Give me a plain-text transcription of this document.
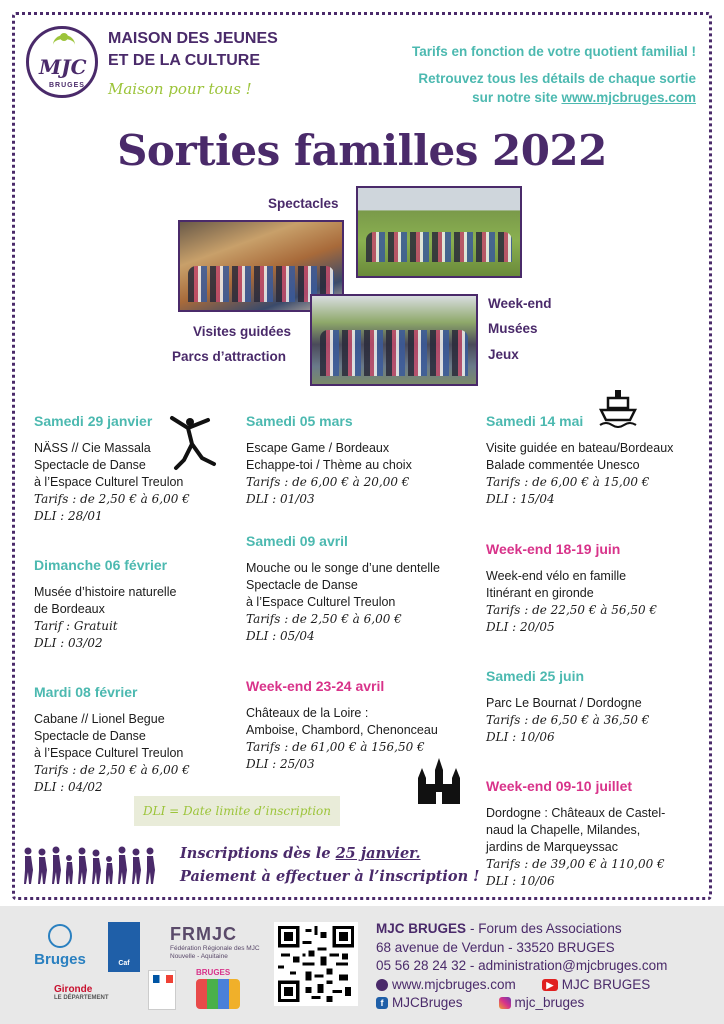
MJC
BRUGES
MAISON DES JEUNES
ET DE LA CULTURE
Maison pour tous !
Tarifs en fonction de votre quotient familial !
Retrouvez tous les détails de chaque sortie
sur notre site www.mjcbruges.com
Sorties familles 2022
Spectacles
Visites guidées
Parcs d’attraction
Week-end
Musées
Jeux
Samedi 29 janvier
NÄSS // Cie Massala
Spectacle de Danse
à l’Espace Culturel Treulon
Tarifs : de 2,50 € à 6,00 €
DLI : 28/01
Dimanche 06 février
Musée d’histoire naturelle
de Bordeaux
Tarif : Gratuit
DLI : 03/02
Mardi 08 février
Cabane // Lionel Begue
Spectacle de Danse
à l’Espace Culturel Treulon
Tarifs : de 2,50 € à 6,00 €
DLI : 04/02
Samedi 05 mars
Escape Game / Bordeaux
Echappe-toi / Thème au choix
Tarifs : de 6,00 € à 20,00 €
DLI : 01/03
Samedi 09 avril
Mouche ou le songe d’une dentelle
Spectacle de Danse
à l’Espace Culturel Treulon
Tarifs : de 2,50 € à 6,00 €
DLI : 05/04
Week-end 23-24 avril
Châteaux de la Loire :
Amboise, Chambord, Chenonceau
Tarifs : de 61,00 € à 156,50 €
DLI : 25/03
Samedi 14 mai
Visite guidée en bateau/Bordeaux
Balade commentée Unesco
Tarifs : de 6,00 € à 15,00 €
DLI : 15/04
Week-end 18-19 juin
Week-end vélo en famille
Itinérant en gironde
Tarifs : de 22,50 € à 56,50 €
DLI : 20/05
Samedi 25 juin
Parc Le Bournat / Dordogne
Tarifs : de 6,50 € à 36,50 €
DLI : 10/06
Week-end 09-10 juillet
Dordogne : Châteaux de Castel-
naud la Chapelle, Milandes,
jardins de Marqueyssac
Tarifs : de 39,00 € à 110,00 €
DLI : 10/06
DLI = Date limite d’inscription
Inscriptions dès le 25 janvier.
Paiement à effectuer à l’inscription !
Bruges	Caf
FRMJC
Fédération Régionale des MJC
Nouvelle - Aquitaine
Gironde
LE DÉPARTEMENT
BRUGES
MJC BRUGES - Forum des Associations
68 avenue de Verdun - 33520 BRUGES
05 56 28 24 32 - administration@mjcbruges.com
www.mjcbruges.com	▶ MJC BRUGES
f MJCBruges	mjc_bruges
